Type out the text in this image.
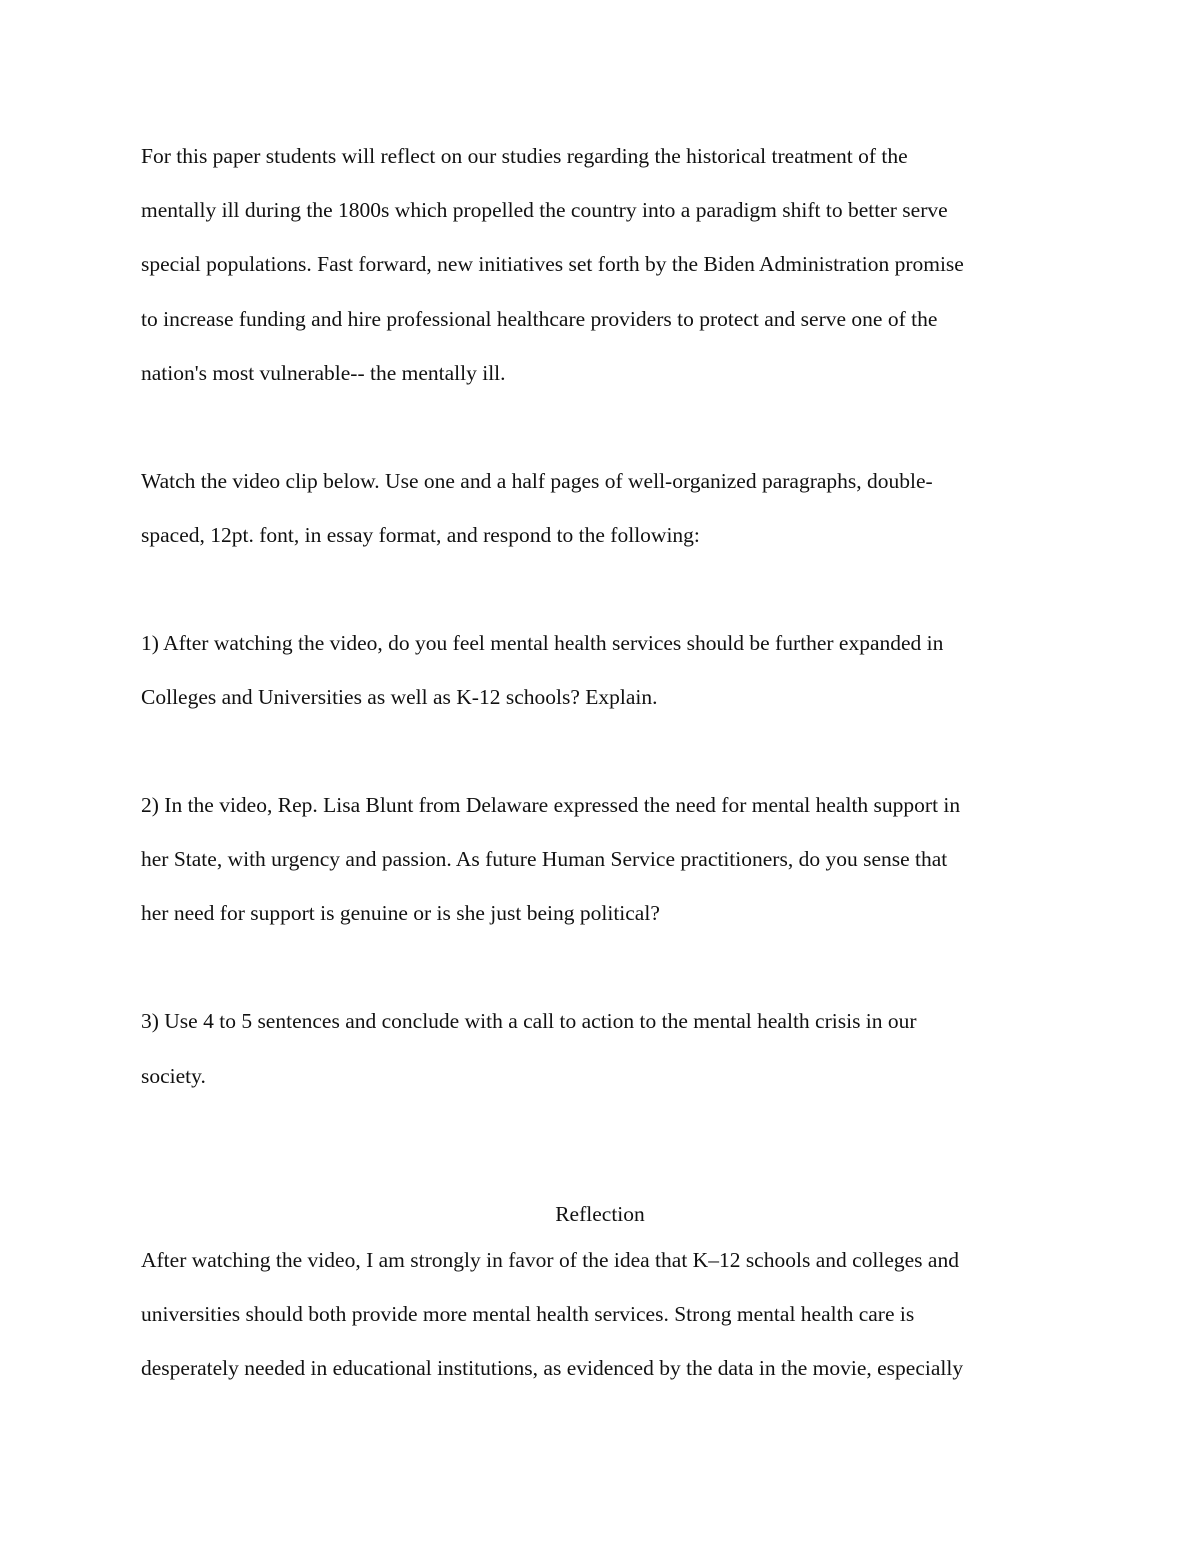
For this paper students will reflect on our studies regarding the historical treatment of the

mentally ill during the 1800s which propelled the country into a paradigm shift to better serve

special populations. Fast forward, new initiatives set forth by the Biden Administration promise

to increase funding and hire professional healthcare providers to protect and serve one of the

nation's most vulnerable-- the mentally ill.

Watch the video clip below. Use one and a half pages of well-organized paragraphs, double-

spaced, 12pt. font, in essay format, and respond to the following:

1) After watching the video, do you feel mental health services should be further expanded in

Colleges and Universities as well as K-12 schools? Explain.

2) In the video, Rep. Lisa Blunt from Delaware expressed the need for mental health support in

her State, with urgency and passion. As future Human Service practitioners, do you sense that

her need for support is genuine or is she just being political?

3) Use 4 to 5 sentences and conclude with a call to action to the mental health crisis in our

society.

Reflection

After watching the video, I am strongly in favor of the idea that K–12 schools and colleges and

universities should both provide more mental health services. Strong mental health care is

desperately needed in educational institutions, as evidenced by the data in the movie, especially
